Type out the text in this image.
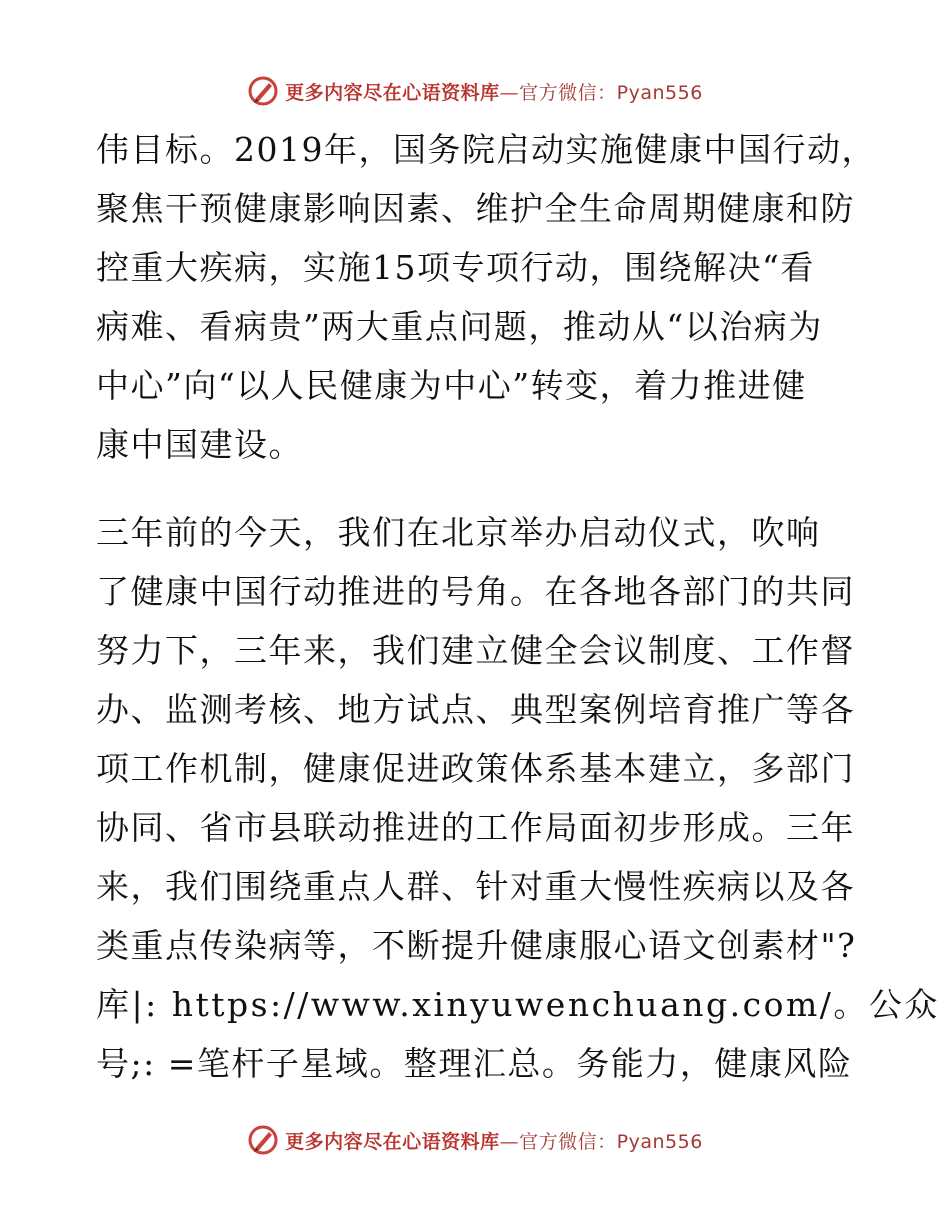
更多内容尽在心语资料库—官方微信：Pyan556
伟目标。2019年，国务院启动实施健康中国行动，
聚焦干预健康影响因素、维护全生命周期健康和防
控重大疾病，实施15项专项行动，围绕解决“看
病难、看病贵”两大重点问题，推动从“以治病为
中心”向“以人民健康为中心”转变，着力推进健
康中国建设。
三年前的今天，我们在北京举办启动仪式，吹响
了健康中国行动推进的号角。在各地各部门的共同
努力下，三年来，我们建立健全会议制度、工作督
办、监测考核、地方试点、典型案例培育推广等各
项工作机制，健康促进政策体系基本建立，多部门
协同、省市县联动推进的工作局面初步形成。三年
来，我们围绕重点人群、针对重大慢性疾病以及各
类重点传染病等，不断提升健康服心语文创素材"?
库|: https://www.xinyuwenchuang.com/。公众
号;: =笔杆子星域。整理汇总。务能力，健康风险
更多内容尽在心语资料库—官方微信：Pyan556
